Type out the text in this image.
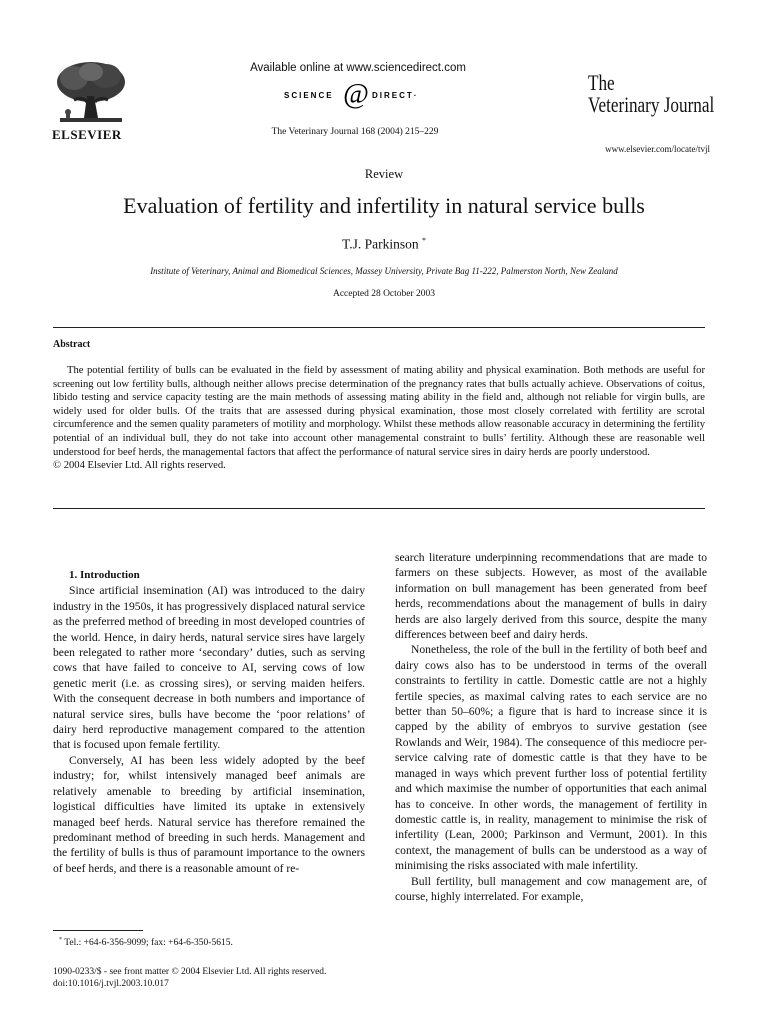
ELSEVIER
Available online at www.sciencedirect.com
SCIENCE @ DIRECT·
The Veterinary Journal 168 (2004) 215–229
The
Veterinary Journal
www.elsevier.com/locate/tvjl
Review
Evaluation of fertility and infertility in natural service bulls
T.J. Parkinson *
Institute of Veterinary, Animal and Biomedical Sciences, Massey University, Private Bag 11-222, Palmerston North, New Zealand
Accepted 28 October 2003
Abstract

The potential fertility of bulls can be evaluated in the field by assessment of mating ability and physical examination. Both methods are useful for screening out low fertility bulls, although neither allows precise determination of the pregnancy rates that bulls actually achieve. Observations of coitus, libido testing and service capacity testing are the main methods of assessing mating ability in the field and, although not reliable for virgin bulls, are widely used for older bulls. Of the traits that are assessed during physical examination, those most closely correlated with fertility are scrotal circumference and the semen quality parameters of motility and morphology. Whilst these methods allow reasonable accuracy in determining the fertility potential of an individual bull, they do not take into account other managemental constraint to bulls’ fertility. Although these are reasonable well understood for beef herds, the managemental factors that affect the performance of natural service sires in dairy herds are poorly understood.

© 2004 Elsevier Ltd. All rights reserved.

1. Introduction

Since artificial insemination (AI) was introduced to the dairy industry in the 1950s, it has progressively displaced natural service as the preferred method of breeding in most developed countries of the world. Hence, in dairy herds, natural service sires have largely been relegated to rather more ‘secondary’ duties, such as serving cows that have failed to conceive to AI, serving cows of low genetic merit (i.e. as crossing sires), or serving maiden heifers. With the consequent decrease in both numbers and importance of natural service sires, bulls have become the ‘poor relations’ of dairy herd reproductive management compared to the attention that is focused upon female fertility.

Conversely, AI has been less widely adopted by the beef industry; for, whilst intensively managed beef animals are relatively amenable to breeding by artificial insemination, logistical difficulties have limited its uptake in extensively managed beef herds. Natural service has therefore remained the predominant method of breeding in such herds. Management and the fertility of bulls is thus of paramount importance to the owners of beef herds, and there is a reasonable amount of re-

search literature underpinning recommendations that are made to farmers on these subjects. However, as most of the available information on bull management has been generated from beef herds, recommendations about the management of bulls in dairy herds are also largely derived from this source, despite the many differences between beef and dairy herds.

Nonetheless, the role of the bull in the fertility of both beef and dairy cows also has to be understood in terms of the overall constraints to fertility in cattle. Domestic cattle are not a highly fertile species, as maximal calving rates to each service are no better than 50–60%; a figure that is hard to increase since it is capped by the ability of embryos to survive gestation (see Rowlands and Weir, 1984). The consequence of this mediocre per-service calving rate of domestic cattle is that they have to be managed in ways which prevent further loss of potential fertility and which maximise the number of opportunities that each animal has to conceive. In other words, the management of fertility in domestic cattle is, in reality, management to minimise the risk of infertility (Lean, 2000; Parkinson and Vermunt, 2001). In this context, the management of bulls can be understood as a way of minimising the risks associated with male infertility.

Bull fertility, bull management and cow management are, of course, highly interrelated. For example,

* Tel.: +64-6-356-9099; fax: +64-6-350-5615.
1090-0233/$ - see front matter © 2004 Elsevier Ltd. All rights reserved.
doi:10.1016/j.tvjl.2003.10.017
